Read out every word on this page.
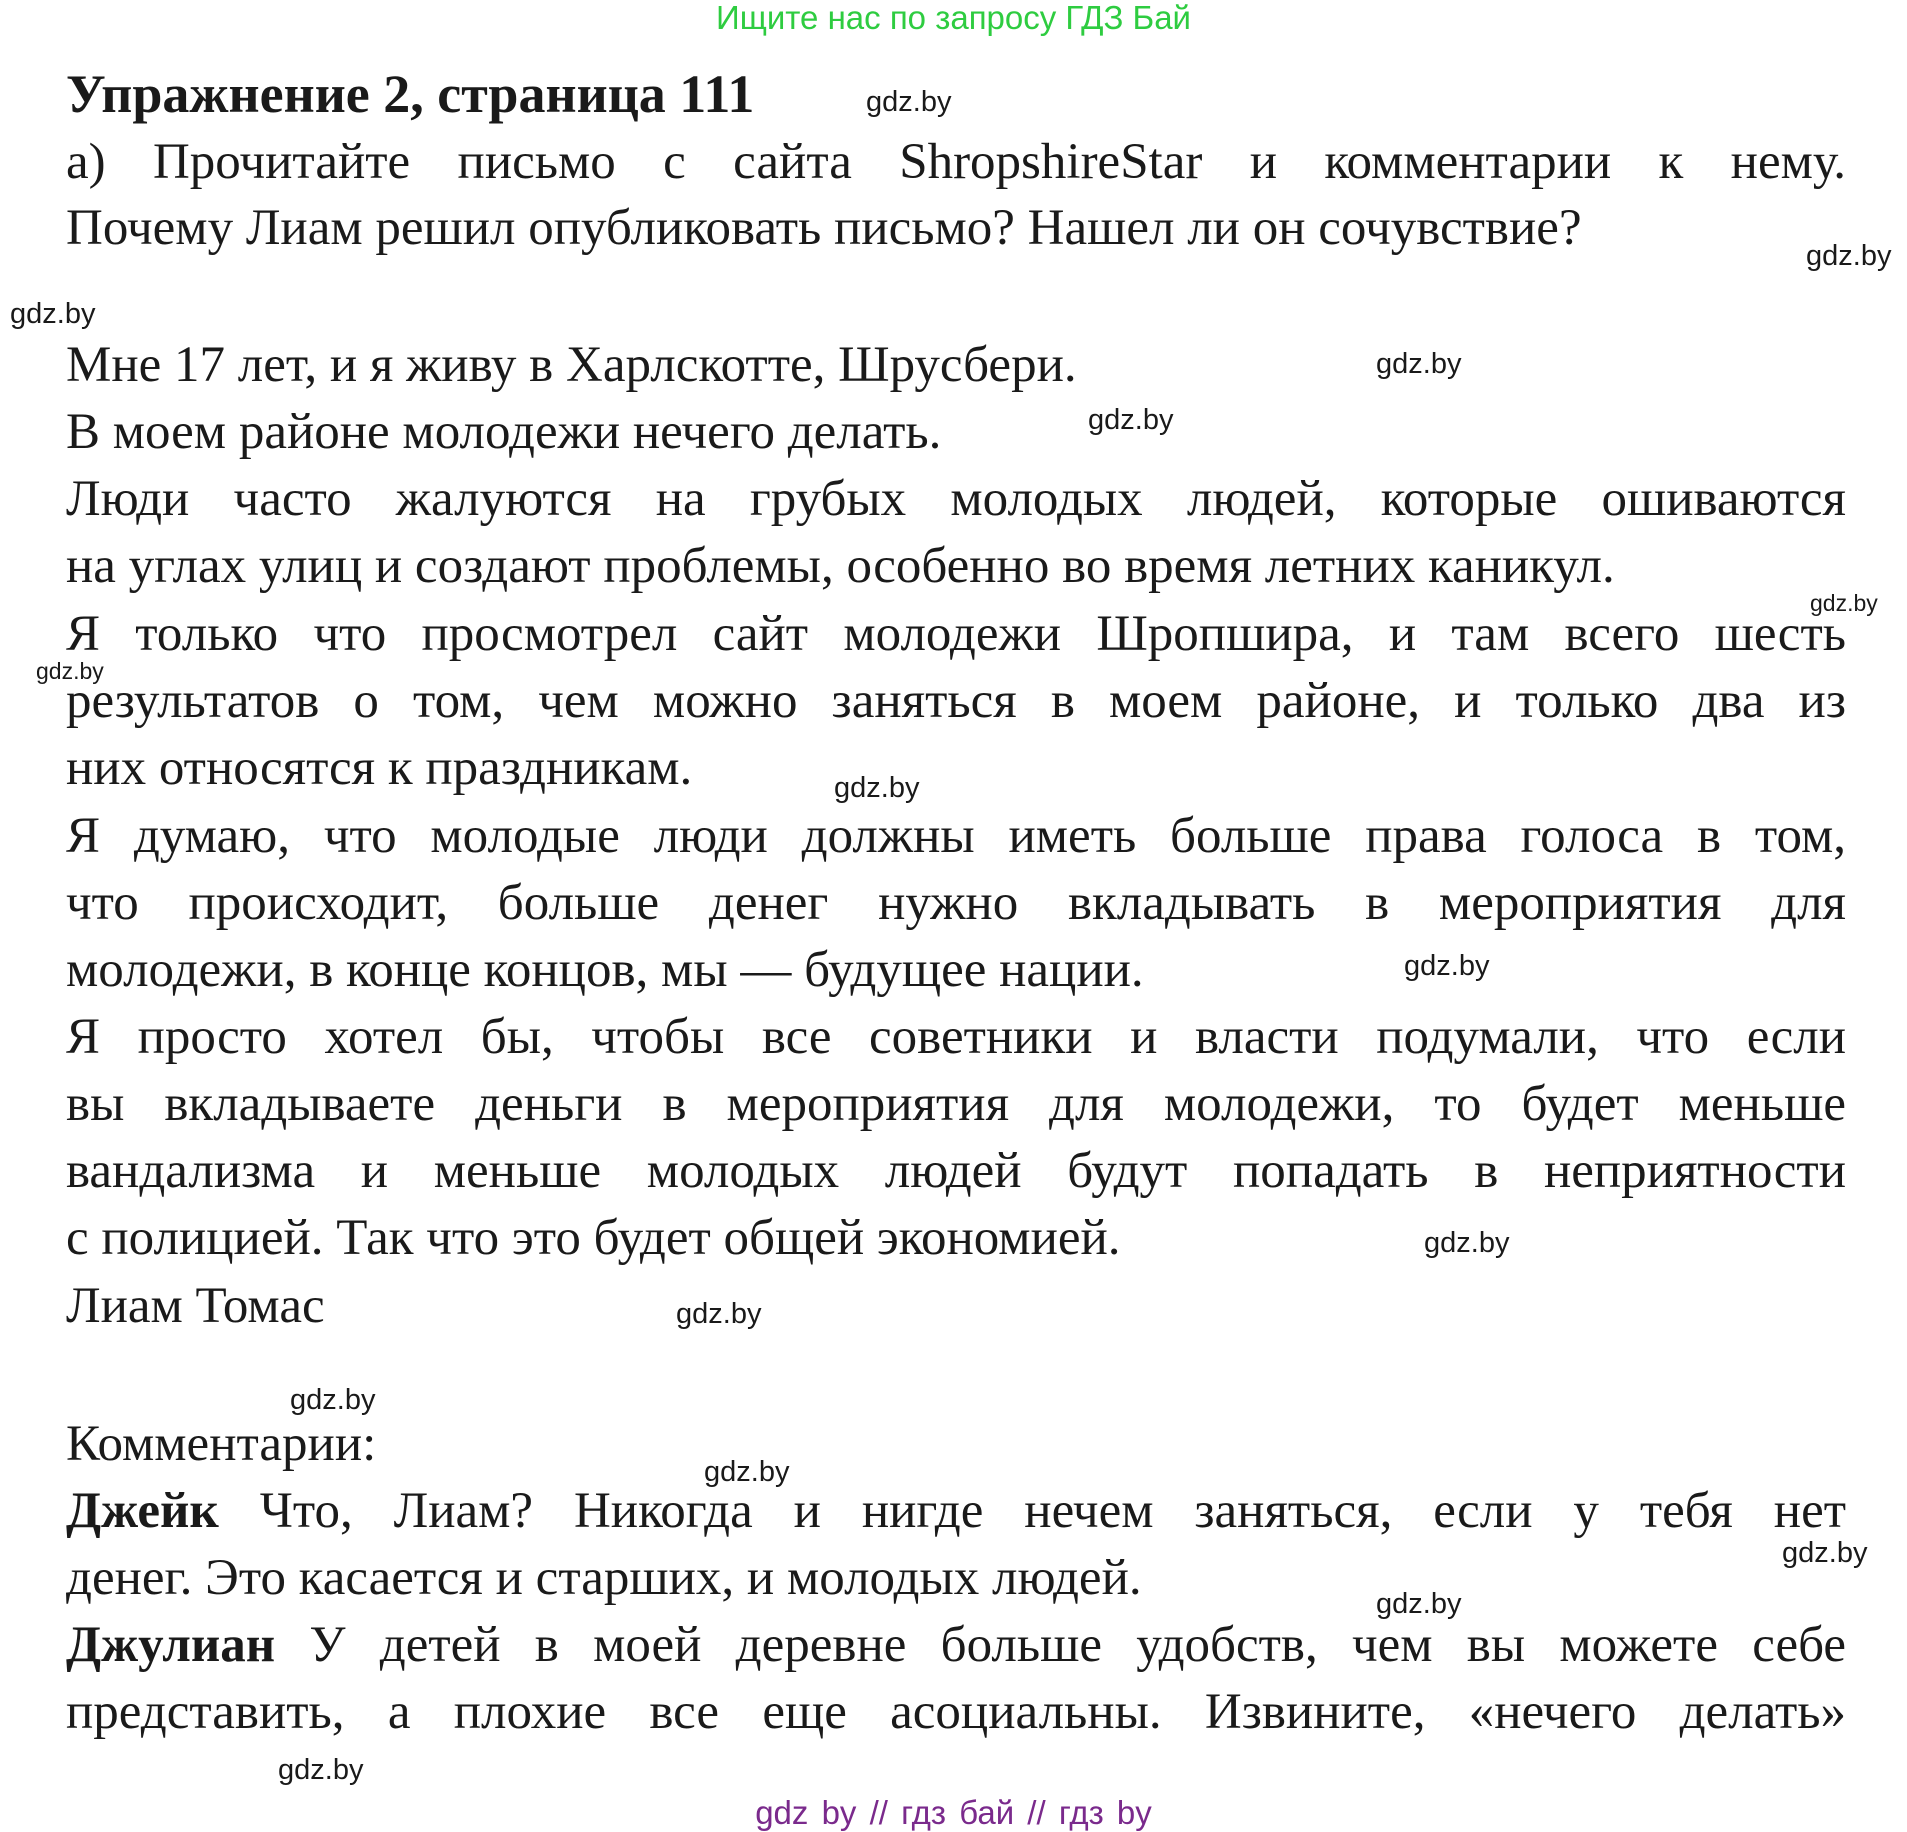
Ищите нас по запросу ГДЗ Бай
Упражнение 2, страница 111	gdz.by
а) Прочитайте письмо с сайта ShropshireStar и комментарии к нему.
Почему Лиам решил опубликовать письмо? Нашел ли он сочувствие?	gdz.by
gdz.by
Мне 17 лет, и я живу в Харлскотте, Шрусбери.	gdz.by
В моем районе молодежи нечего делать.	gdz.by
Люди часто жалуются на грубых молодых людей, которые ошиваются
на углах улиц и создают проблемы, особенно во время летних каникул.
gdz.by
Я только что просмотрел сайт молодежи Шропшира, и там всего шесть
gdz.by
результатов о том, чем можно заняться в моем районе, и только два из
них относятся к праздникам.	gdz.by
Я думаю, что молодые люди должны иметь больше права голоса в том,
что происходит, больше денег нужно вкладывать в мероприятия для
молодежи, в конце концов, мы — будущее нации.	gdz.by
Я просто хотел бы, чтобы все советники и власти подумали, что если
вы вкладываете деньги в мероприятия для молодежи, то будет меньше
вандализма и меньше молодых людей будут попадать в неприятности
с полицией. Так что это будет общей экономией.	gdz.by
Лиам Томас	gdz.by
gdz.by
Комментарии:	gdz.by
Джейк Что, Лиам? Никогда и нигде нечем заняться, если у тебя нет
gdz.by
денег. Это касается и старших, и молодых людей.	gdz.by
Джулиан У детей в моей деревне больше удобств, чем вы можете себе
представить, а плохие все еще асоциальны. Извините, «нечего делать»
gdz.by
gdz by // гдз бай // гдз by
